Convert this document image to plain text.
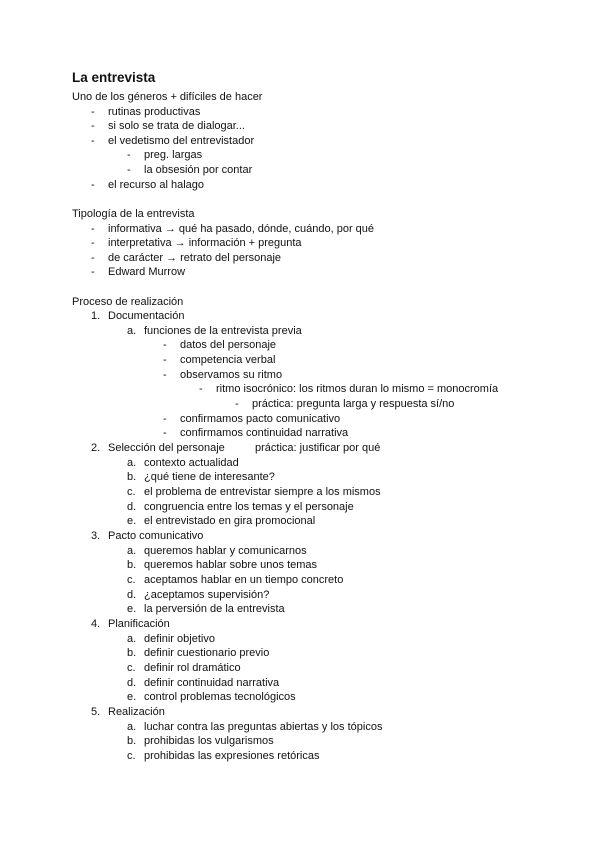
La entrevista
Uno de los géneros + difíciles de hacer
- rutinas productivas
- si solo se trata de dialogar...
- el vedetismo del entrevistador
- preg. largas
- la obsesión por contar
- el recurso al halago
Tipología de la entrevista
- informativa → qué ha pasado, dónde, cuándo, por qué
- interpretativa → información + pregunta
- de carácter → retrato del personaje
- Edward Murrow
Proceso de realización
1. Documentación
a. funciones de la entrevista previa
- datos del personaje
- competencia verbal
- observamos su ritmo
- ritmo isocrónico: los ritmos duran lo mismo = monocromía
- práctica: pregunta larga y respuesta sí/no
- confirmamos pacto comunicativo
- confirmamos continuidad narrativa
2. Selección del personaje	práctica: justificar por qué
a. contexto actualidad
b. ¿qué tiene de interesante?
c. el problema de entrevistar siempre a los mismos
d. congruencia entre los temas y el personaje
e. el entrevistado en gira promocional
3. Pacto comunicativo
a. queremos hablar y comunicarnos
b. queremos hablar sobre unos temas
c. aceptamos hablar en un tiempo concreto
d. ¿aceptamos supervisión?
e. la perversión de la entrevista
4. Planificación
a. definir objetivo
b. definir cuestionario previo
c. definir rol dramático
d. definir continuidad narrativa
e. control problemas tecnológicos
5. Realización
a. luchar contra las preguntas abiertas y los tópicos
b. prohibidas los vulgarismos
c. prohibidas las expresiones retóricas
